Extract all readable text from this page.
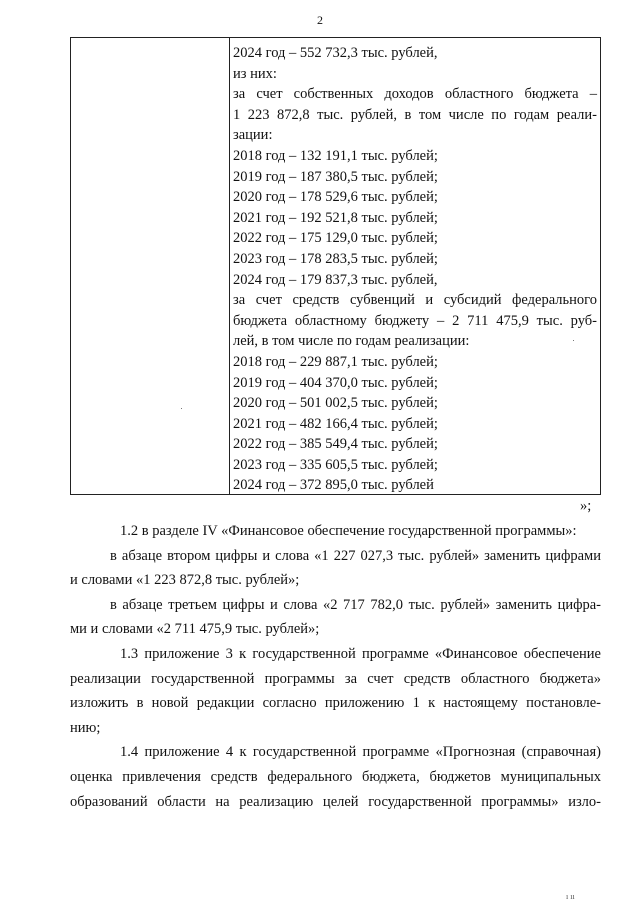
2
2024 год – 552 732,3 тыс. рублей,
из них:
за счет собственных доходов областного бюджета –
1 223 872,8 тыс. рублей, в том числе по годам реали-
зации:
2018 год – 132 191,1 тыс. рублей;
2019 год – 187 380,5 тыс. рублей;
2020 год – 178 529,6 тыс. рублей;
2021 год – 192 521,8 тыс. рублей;
2022 год – 175 129,0 тыс. рублей;
2023 год – 178 283,5 тыс. рублей;
2024 год – 179 837,3 тыс. рублей,
за счет средств субвенций и субсидий федерального
бюджета областному бюджету – 2 711 475,9 тыс. руб-
лей, в том числе по годам реализации:
2018 год – 229 887,1 тыс. рублей;
2019 год – 404 370,0 тыс. рублей;
2020 год – 501 002,5 тыс. рублей;
2021 год – 482 166,4 тыс. рублей;
2022 год – 385 549,4 тыс. рублей;
2023 год – 335 605,5 тыс. рублей;
2024 год – 372 895,0 тыс. рублей
»;
1.2 в разделе IV «Финансовое обеспечение государственной программы»:
в абзаце втором цифры и слова «1 227 027,3 тыс. рублей» заменить цифрами
и словами «1 223 872,8 тыс. рублей»;
в абзаце третьем цифры и слова «2 717 782,0 тыс. рублей» заменить цифра-
ми и словами «2 711 475,9 тыс. рублей»;
1.3 приложение 3 к государственной программе «Финансовое обеспечение
реализации государственной программы за счет средств областного бюджета»
изложить в новой редакции согласно приложению 1 к настоящему постановле-
нию;
1.4 приложение 4 к государственной программе «Прогнозная (справочная)
оценка привлечения средств федерального бюджета, бюджетов муниципальных
образований области на реализацию целей государственной программы» изло-
ı ıı
